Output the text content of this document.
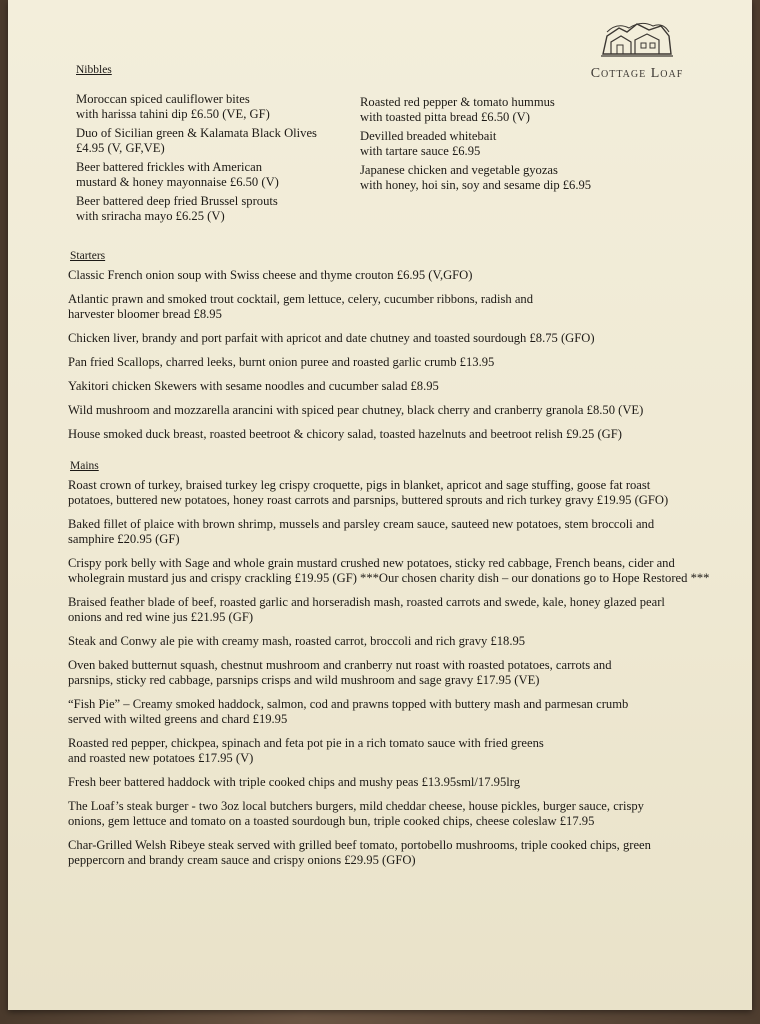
Cottage Loaf
Nibbles
Moroccan spiced cauliflower bites
with harissa tahini dip £6.50 (VE, GF)
Duo of Sicilian green & Kalamata Black Olives
£4.95 (V, GF,VE)
Beer battered frickles with American
mustard & honey mayonnaise £6.50 (V)
Beer battered deep fried Brussel sprouts
with sriracha mayo £6.25 (V)
Roasted red pepper & tomato hummus
with toasted pitta bread £6.50 (V)
Devilled breaded whitebait
with tartare sauce £6.95
Japanese chicken and vegetable gyozas
with honey, hoi sin, soy and sesame dip £6.95
Starters
Classic French onion soup with Swiss cheese and thyme crouton £6.95 (V,GFO)
Atlantic prawn and smoked trout cocktail, gem lettuce, celery, cucumber ribbons, radish and
harvester bloomer bread £8.95
Chicken liver, brandy and port parfait with apricot and date chutney and toasted sourdough £8.75 (GFO)
Pan fried Scallops, charred leeks, burnt onion puree and roasted garlic crumb £13.95
Yakitori chicken Skewers with sesame noodles and cucumber salad £8.95
Wild mushroom and mozzarella arancini with spiced pear chutney, black cherry and cranberry granola £8.50 (VE)
House smoked duck breast, roasted beetroot & chicory salad, toasted hazelnuts and beetroot relish £9.25 (GF)
Mains
Roast crown of turkey, braised turkey leg crispy croquette, pigs in blanket, apricot and sage stuffing, goose fat roast
potatoes, buttered new potatoes, honey roast carrots and parsnips, buttered sprouts and rich turkey gravy £19.95 (GFO)
Baked fillet of plaice with brown shrimp, mussels and parsley cream sauce, sauteed new potatoes, stem broccoli and
samphire £20.95 (GF)
Crispy pork belly with Sage and whole grain mustard crushed new potatoes, sticky red cabbage, French beans, cider and
wholegrain mustard jus and crispy crackling £19.95 (GF) ***Our chosen charity dish – our donations go to Hope Restored ***
Braised feather blade of beef, roasted garlic and horseradish mash, roasted carrots and swede, kale, honey glazed pearl
onions and red wine jus £21.95 (GF)
Steak and Conwy ale pie with creamy mash, roasted carrot, broccoli and rich gravy £18.95
Oven baked butternut squash, chestnut mushroom and cranberry nut roast with roasted potatoes, carrots and
parsnips, sticky red cabbage, parsnips crisps and wild mushroom and sage gravy £17.95 (VE)
“Fish Pie” – Creamy smoked haddock, salmon, cod and prawns topped with buttery mash and parmesan crumb
served with wilted greens and chard £19.95
Roasted red pepper, chickpea, spinach and feta pot pie in a rich tomato sauce with fried greens
and roasted new potatoes £17.95 (V)
Fresh beer battered haddock with triple cooked chips and mushy peas £13.95sml/17.95lrg
The Loaf’s steak burger - two 3oz local butchers burgers, mild cheddar cheese, house pickles, burger sauce, crispy
onions, gem lettuce and tomato on a toasted sourdough bun, triple cooked chips, cheese coleslaw £17.95
Char-Grilled Welsh Ribeye steak served with grilled beef tomato, portobello mushrooms, triple cooked chips, green
peppercorn and brandy cream sauce and crispy onions £29.95 (GFO)
